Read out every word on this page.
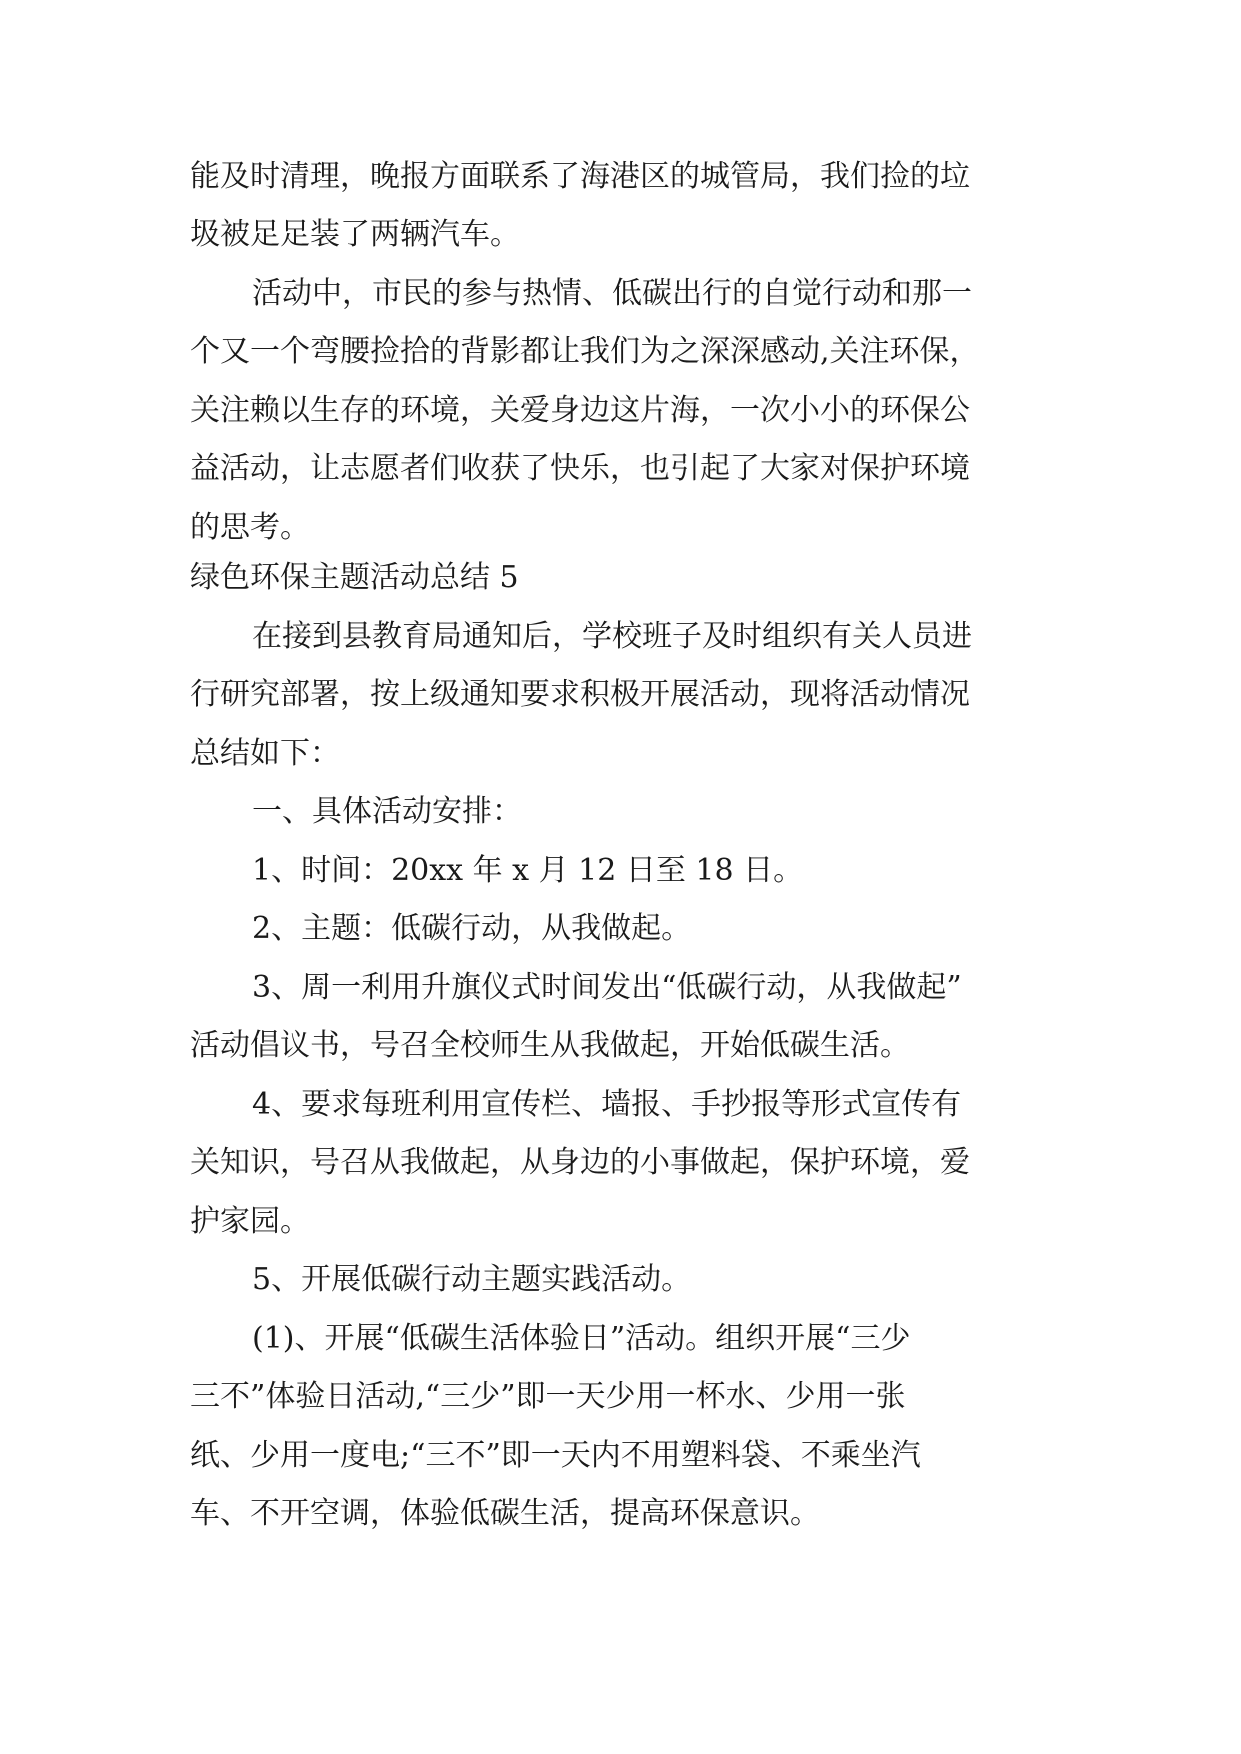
能及时清理，晚报方面联系了海港区的城管局，我们捡的垃
圾被足足装了两辆汽车。
活动中，市民的参与热情、低碳出行的自觉行动和那一
个又一个弯腰捡拾的背影都让我们为之深深感动,关注环保，
关注赖以生存的环境，关爱身边这片海，一次小小的环保公
益活动，让志愿者们收获了快乐，也引起了大家对保护环境
的思考。
绿色环保主题活动总结 5
在接到县教育局通知后，学校班子及时组织有关人员进
行研究部署，按上级通知要求积极开展活动，现将活动情况
总结如下：
一、具体活动安排：
1、时间：20xx 年 x 月 12 日至 18 日。
2、主题：低碳行动，从我做起。
3、周一利用升旗仪式时间发出“低碳行动，从我做起”
活动倡议书，号召全校师生从我做起，开始低碳生活。
4、要求每班利用宣传栏、墙报、手抄报等形式宣传有
关知识，号召从我做起，从身边的小事做起，保护环境，爱
护家园。
5、开展低碳行动主题实践活动。
(1)、开展“低碳生活体验日”活动。组织开展“三少
三不”体验日活动,“三少”即一天少用一杯水、少用一张
纸、少用一度电;“三不”即一天内不用塑料袋、不乘坐汽
车、不开空调，体验低碳生活，提高环保意识。
